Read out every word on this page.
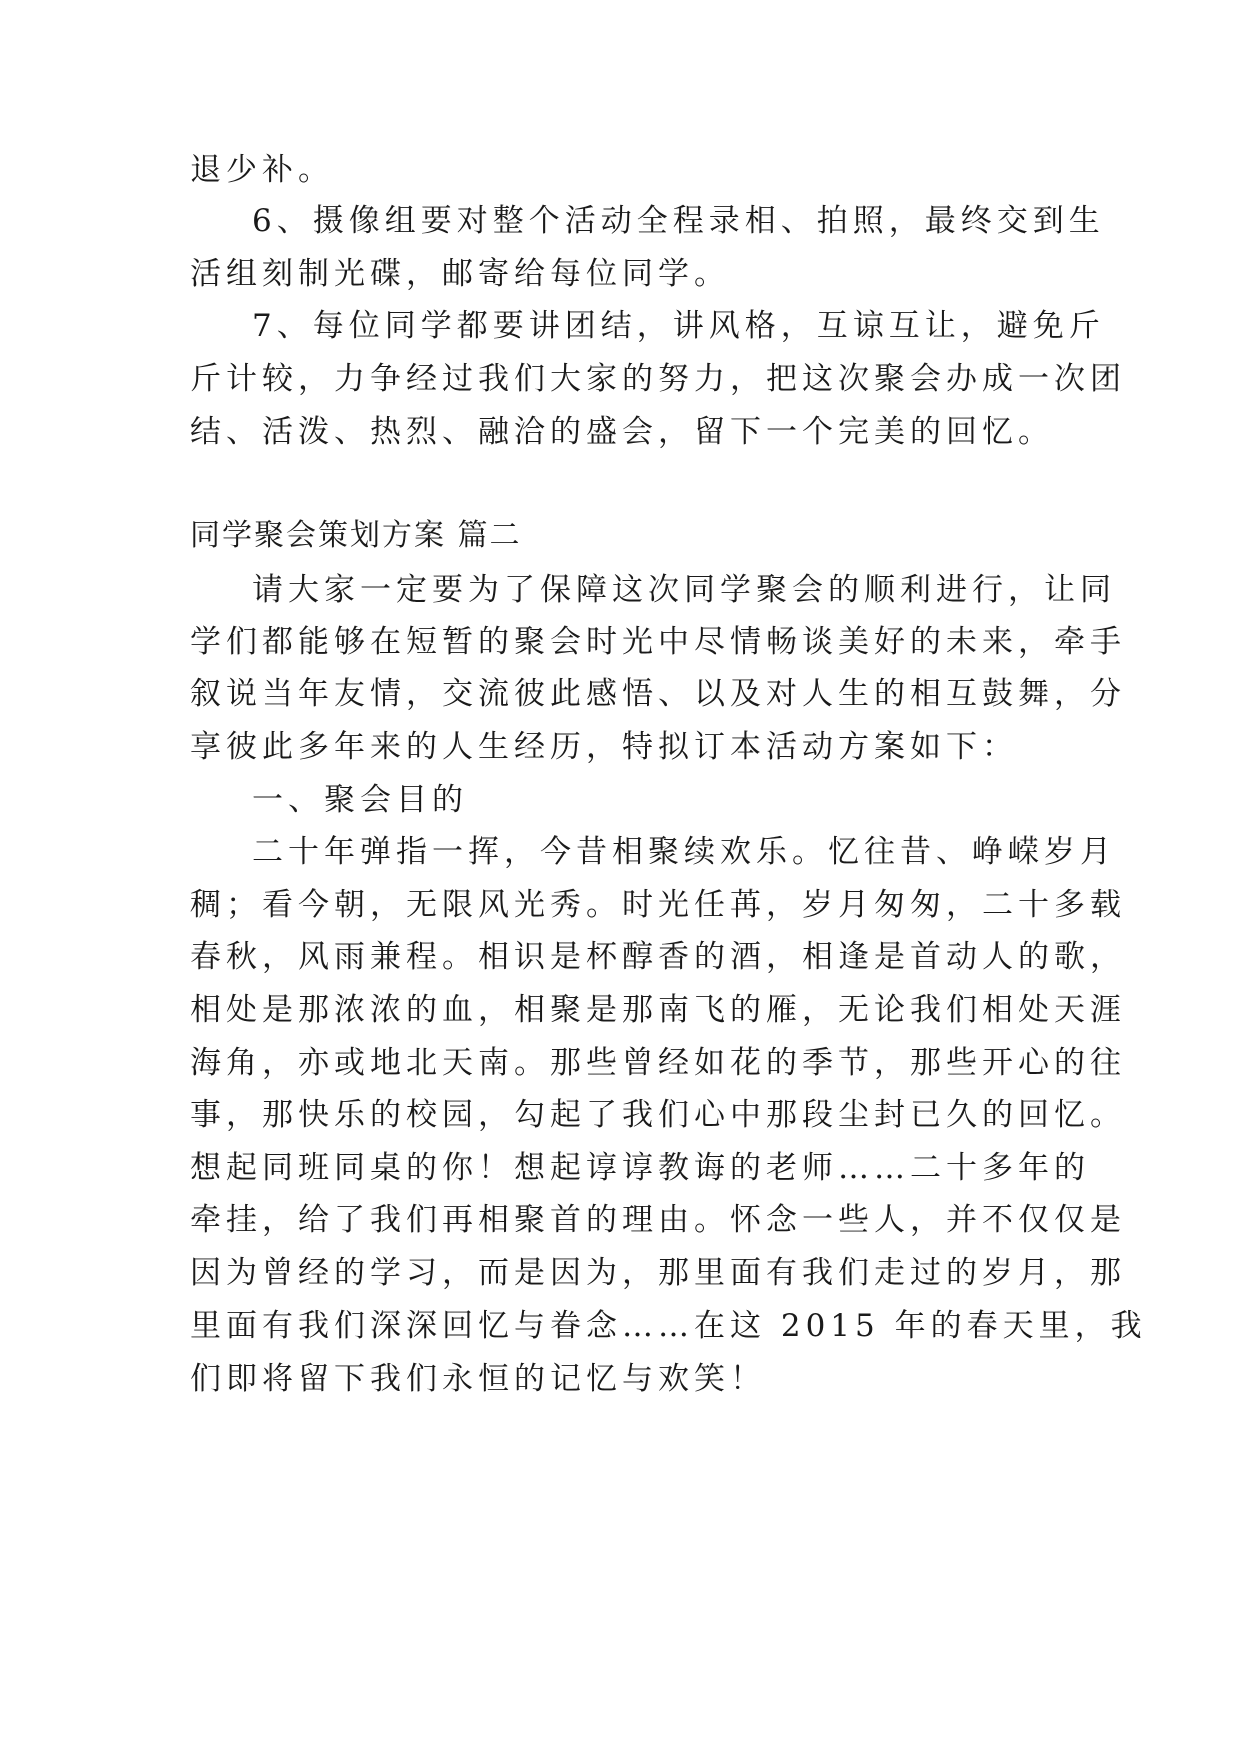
退少补。
6、摄像组要对整个活动全程录相、拍照，最终交到生
活组刻制光碟，邮寄给每位同学。
7、每位同学都要讲团结，讲风格，互谅互让，避免斤
斤计较，力争经过我们大家的努力，把这次聚会办成一次团
结、活泼、热烈、融洽的盛会，留下一个完美的回忆。
同学聚会策划方案 篇二
请大家一定要为了保障这次同学聚会的顺利进行，让同
学们都能够在短暂的聚会时光中尽情畅谈美好的未来，牵手
叙说当年友情，交流彼此感悟、以及对人生的相互鼓舞，分
享彼此多年来的人生经历，特拟订本活动方案如下：
一、聚会目的
二十年弹指一挥，今昔相聚续欢乐。忆往昔、峥嵘岁月
稠；看今朝，无限风光秀。时光任苒，岁月匆匆，二十多载
春秋，风雨兼程。相识是杯醇香的酒，相逢是首动人的歌，
相处是那浓浓的血，相聚是那南飞的雁，无论我们相处天涯
海角，亦或地北天南。那些曾经如花的季节，那些开心的往
事，那快乐的校园，勾起了我们心中那段尘封已久的回忆。
想起同班同桌的你！想起谆谆教诲的老师……二十多年的
牵挂，给了我们再相聚首的理由。怀念一些人，并不仅仅是
因为曾经的学习，而是因为，那里面有我们走过的岁月，那
里面有我们深深回忆与眷念……在这 2015 年的春天里，我
们即将留下我们永恒的记忆与欢笑！
